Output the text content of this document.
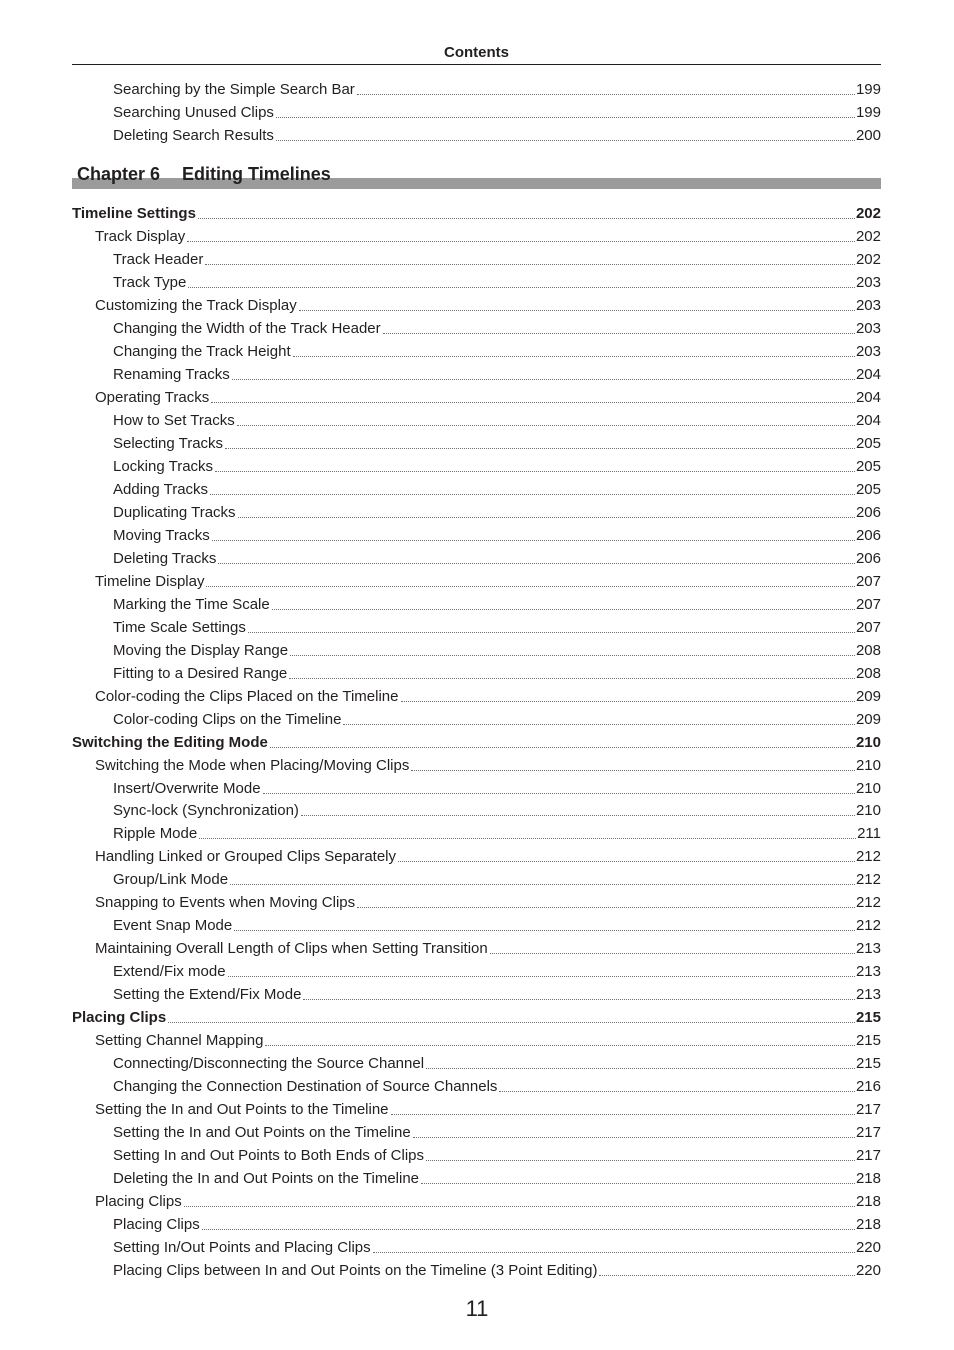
Contents
Searching by the Simple Search Bar	199
Searching Unused Clips	199
Deleting Search Results	200
Chapter 6 Editing Timelines
Timeline Settings	202
Track Display	202
Track Header	202
Track Type	203
Customizing the Track Display	203
Changing the Width of the Track Header	203
Changing the Track Height	203
Renaming Tracks	204
Operating Tracks	204
How to Set Tracks	204
Selecting Tracks	205
Locking Tracks	205
Adding Tracks	205
Duplicating Tracks	206
Moving Tracks	206
Deleting Tracks	206
Timeline Display	207
Marking the Time Scale	207
Time Scale Settings	207
Moving the Display Range	208
Fitting to a Desired Range	208
Color-coding the Clips Placed on the Timeline	209
Color-coding Clips on the Timeline	209
Switching the Editing Mode	210
Switching the Mode when Placing/Moving Clips	210
Insert/Overwrite Mode	210
Sync-lock (Synchronization)	210
Ripple Mode	211
Handling Linked or Grouped Clips Separately	212
Group/Link Mode	212
Snapping to Events when Moving Clips	212
Event Snap Mode	212
Maintaining Overall Length of Clips when Setting Transition	213
Extend/Fix mode	213
Setting the Extend/Fix Mode	213
Placing Clips	215
Setting Channel Mapping	215
Connecting/Disconnecting the Source Channel	215
Changing the Connection Destination of Source Channels	216
Setting the In and Out Points to the Timeline	217
Setting the In and Out Points on the Timeline	217
Setting In and Out Points to Both Ends of Clips	217
Deleting the In and Out Points on the Timeline	218
Placing Clips	218
Placing Clips	218
Setting In/Out Points and Placing Clips	220
Placing Clips between In and Out Points on the Timeline (3 Point Editing)	220
11
